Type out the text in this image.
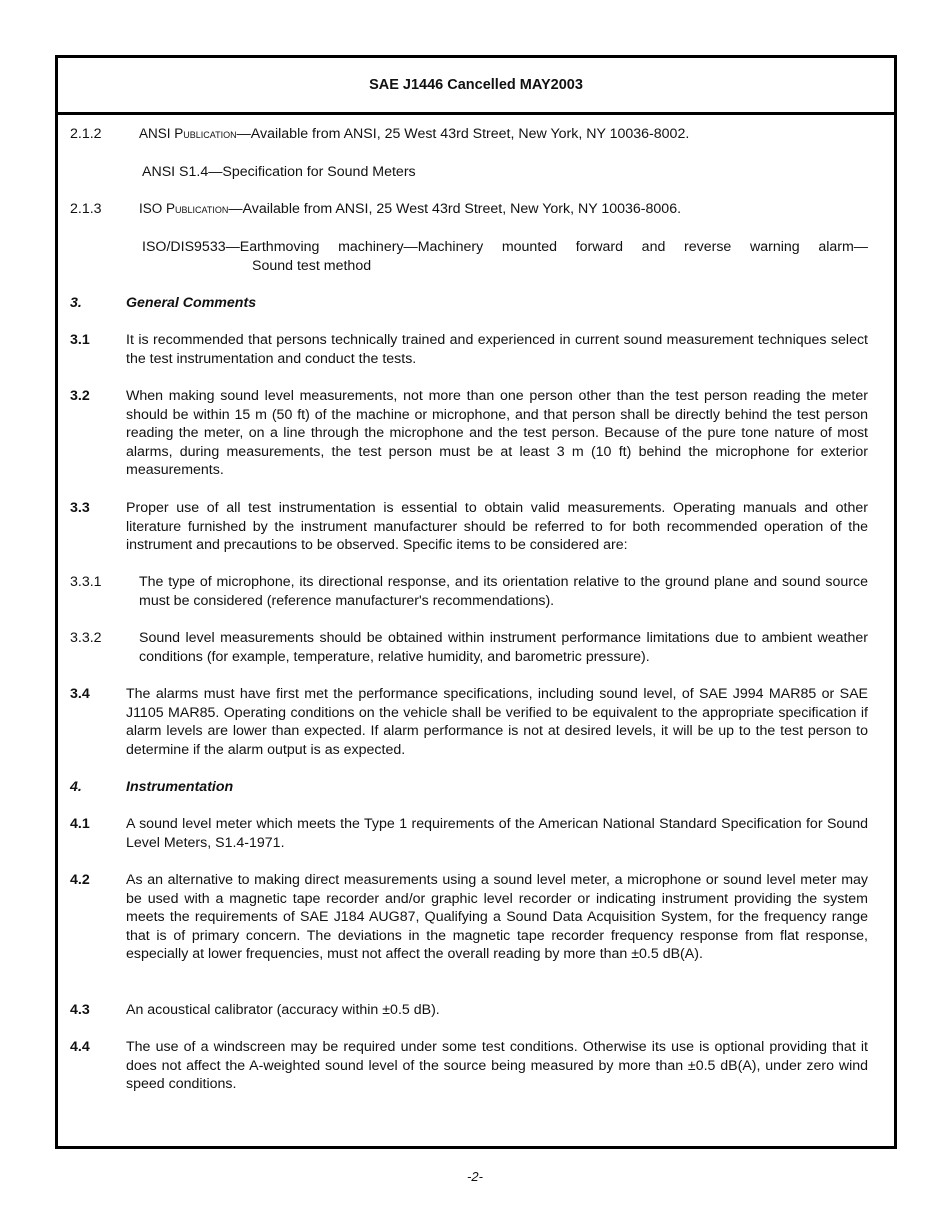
SAE J1446 Cancelled MAY2003
2.1.2	ANSI Publication—Available from ANSI, 25 West 43rd Street, New York, NY 10036-8002.
ANSI S1.4—Specification for Sound Meters
2.1.3	ISO Publication—Available from ANSI, 25 West 43rd Street, New York, NY 10036-8006.
ISO/DIS9533—Earthmoving machinery—Machinery mounted forward and reverse warning alarm—
Sound test method
3.	General Comments
3.1	It is recommended that persons technically trained and experienced in current sound measurement techniques select the test instrumentation and conduct the tests.
3.2	When making sound level measurements, not more than one person other than the test person reading the meter should be within 15 m (50 ft) of the machine or microphone, and that person shall be directly behind the test person reading the meter, on a line through the microphone and the test person. Because of the pure tone nature of most alarms, during measurements, the test person must be at least 3 m (10 ft) behind the microphone for exterior measurements.
3.3	Proper use of all test instrumentation is essential to obtain valid measurements. Operating manuals and other literature furnished by the instrument manufacturer should be referred to for both recommended operation of the instrument and precautions to be observed. Specific items to be considered are:
3.3.1	The type of microphone, its directional response, and its orientation relative to the ground plane and sound source must be considered (reference manufacturer's recommendations).
3.3.2	Sound level measurements should be obtained within instrument performance limitations due to ambient weather conditions (for example, temperature, relative humidity, and barometric pressure).
3.4	The alarms must have first met the performance specifications, including sound level, of SAE J994 MAR85 or SAE J1105 MAR85. Operating conditions on the vehicle shall be verified to be equivalent to the appropriate specification if alarm levels are lower than expected. If alarm performance is not at desired levels, it will be up to the test person to determine if the alarm output is as expected.
4.	Instrumentation
4.1	A sound level meter which meets the Type 1 requirements of the American National Standard Specification for Sound Level Meters, S1.4-1971.
4.2	As an alternative to making direct measurements using a sound level meter, a microphone or sound level meter may be used with a magnetic tape recorder and/or graphic level recorder or indicating instrument providing the system meets the requirements of SAE J184 AUG87, Qualifying a Sound Data Acquisition System, for the frequency range that is of primary concern. The deviations in the magnetic tape recorder frequency response from flat response, especially at lower frequencies, must not affect the overall reading by more than ±0.5 dB(A).
4.3	An acoustical calibrator (accuracy within ±0.5 dB).
4.4	The use of a windscreen may be required under some test conditions. Otherwise its use is optional providing that it does not affect the A-weighted sound level of the source being measured by more than ±0.5 dB(A), under zero wind speed conditions.
-2-
